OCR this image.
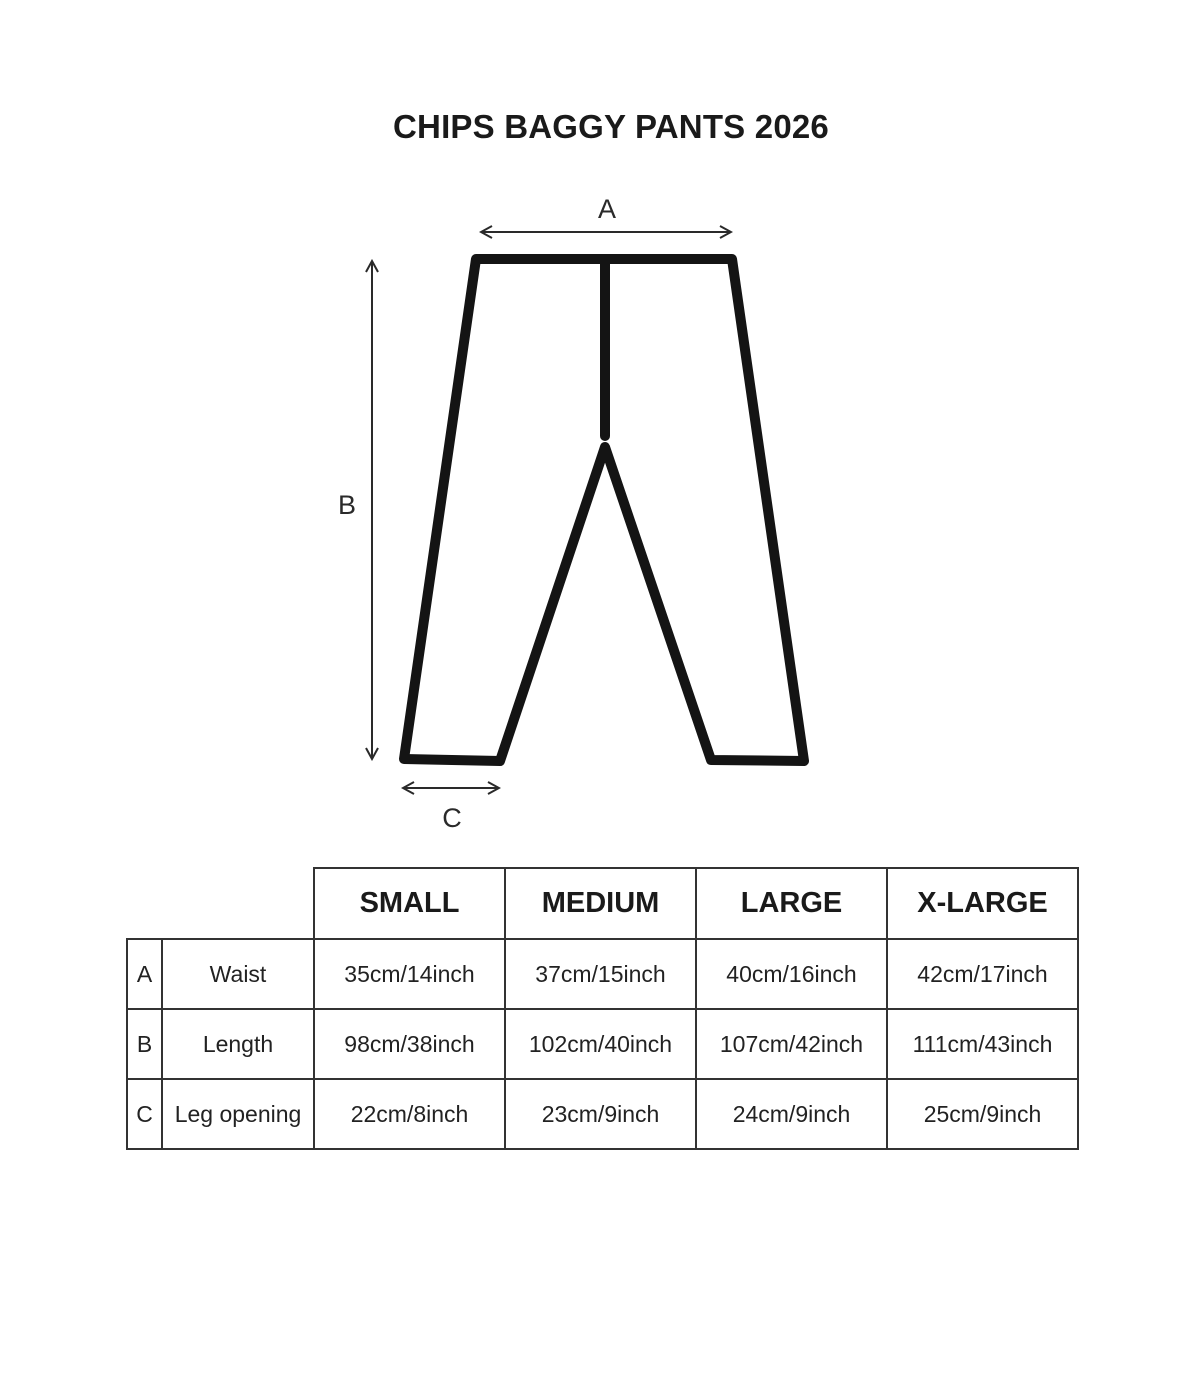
CHIPS BAGGY PANTS 2026
A
B
C
		SMALL	MEDIUM	LARGE	X-LARGE
A	Waist	35cm/14inch	37cm/15inch	40cm/16inch	42cm/17inch
B	Length	98cm/38inch	102cm/40inch	107cm/42inch	111cm/43inch
C	Leg opening	22cm/8inch	23cm/9inch	24cm/9inch	25cm/9inch
